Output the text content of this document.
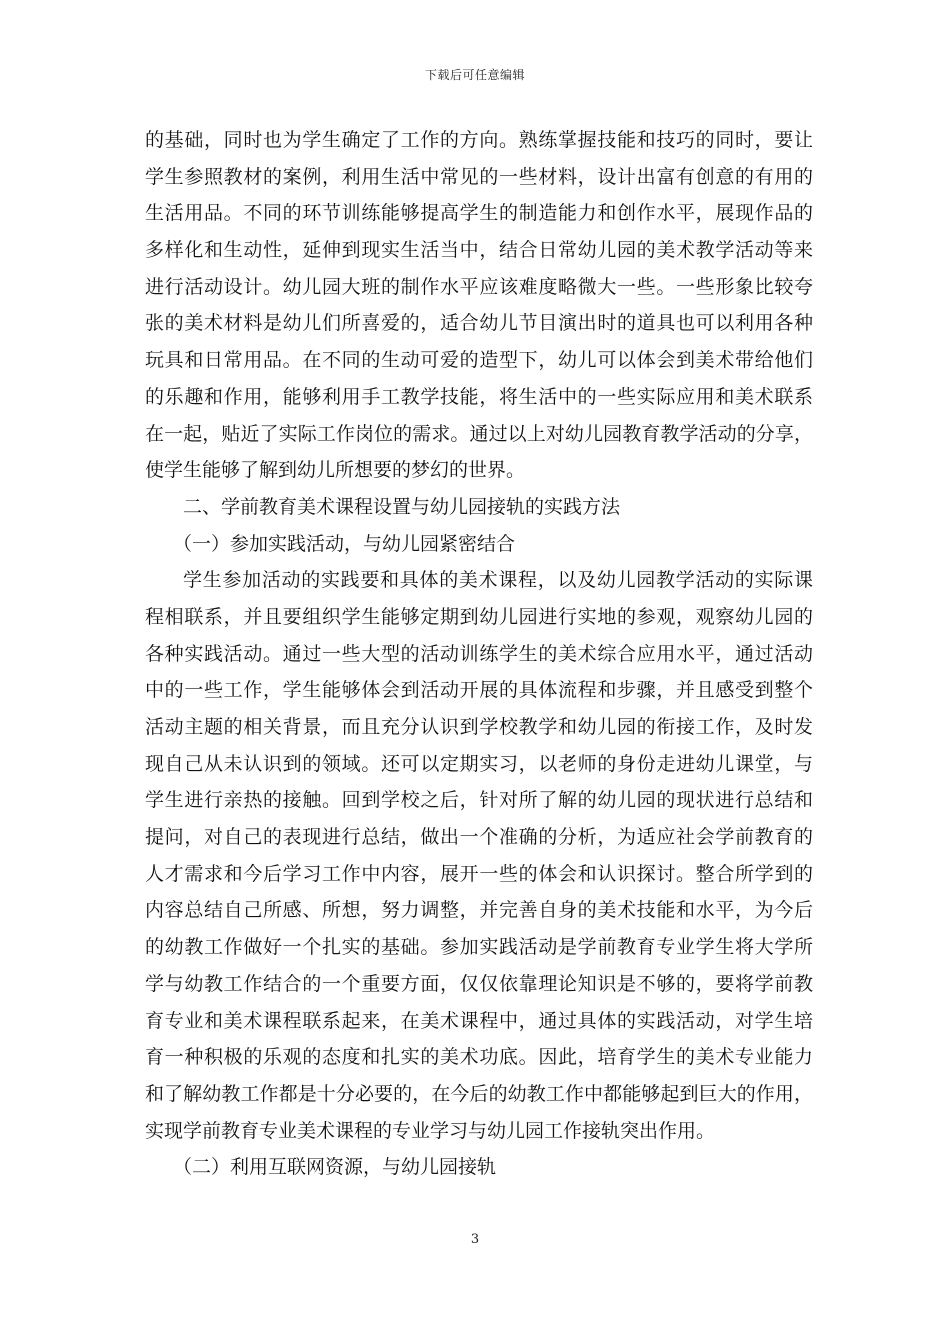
下载后可任意编辑
的基础，同时也为学生确定了工作的方向。熟练掌握技能和技巧的同时，要让
学生参照教材的案例，利用生活中常见的一些材料，设计出富有创意的有用的
生活用品。不同的环节训练能够提高学生的制造能力和创作水平，展现作品的
多样化和生动性，延伸到现实生活当中，结合日常幼儿园的美术教学活动等来
进行活动设计。幼儿园大班的制作水平应该难度略微大一些。一些形象比较夸
张的美术材料是幼儿们所喜爱的，适合幼儿节目演出时的道具也可以利用各种
玩具和日常用品。在不同的生动可爱的造型下，幼儿可以体会到美术带给他们
的乐趣和作用，能够利用手工教学技能，将生活中的一些实际应用和美术联系
在一起，贴近了实际工作岗位的需求。通过以上对幼儿园教育教学活动的分享，
使学生能够了解到幼儿所想要的梦幻的世界。
二、学前教育美术课程设置与幼儿园接轨的实践方法
（一）参加实践活动，与幼儿园紧密结合
学生参加活动的实践要和具体的美术课程，以及幼儿园教学活动的实际课
程相联系，并且要组织学生能够定期到幼儿园进行实地的参观，观察幼儿园的
各种实践活动。通过一些大型的活动训练学生的美术综合应用水平，通过活动
中的一些工作，学生能够体会到活动开展的具体流程和步骤，并且感受到整个
活动主题的相关背景，而且充分认识到学校教学和幼儿园的衔接工作，及时发
现自己从未认识到的领域。还可以定期实习，以老师的身份走进幼儿课堂，与
学生进行亲热的接触。回到学校之后，针对所了解的幼儿园的现状进行总结和
提问，对自己的表现进行总结，做出一个准确的分析，为适应社会学前教育的
人才需求和今后学习工作中内容，展开一些的体会和认识探讨。整合所学到的
内容总结自己所感、所想，努力调整，并完善自身的美术技能和水平，为今后
的幼教工作做好一个扎实的基础。参加实践活动是学前教育专业学生将大学所
学与幼教工作结合的一个重要方面，仅仅依靠理论知识是不够的，要将学前教
育专业和美术课程联系起来，在美术课程中，通过具体的实践活动，对学生培
育一种积极的乐观的态度和扎实的美术功底。因此，培育学生的美术专业能力
和了解幼教工作都是十分必要的，在今后的幼教工作中都能够起到巨大的作用，
实现学前教育专业美术课程的专业学习与幼儿园工作接轨突出作用。
（二）利用互联网资源，与幼儿园接轨
3
